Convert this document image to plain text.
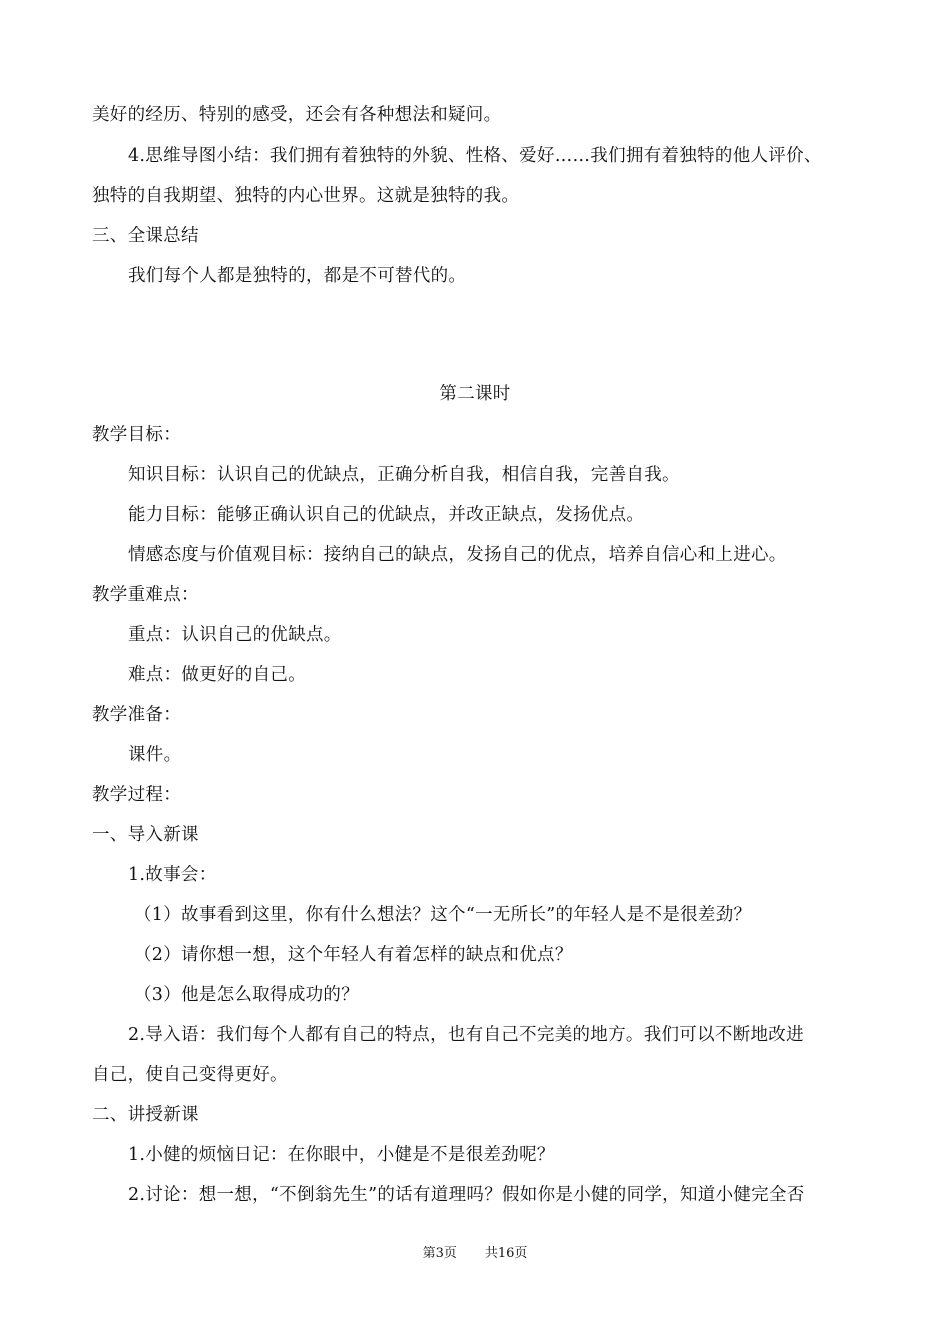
美好的经历、特别的感受，还会有各种想法和疑问。
4.思维导图小结：我们拥有着独特的外貌、性格、爱好……我们拥有着独特的他人评价、
独特的自我期望、独特的内心世界。这就是独特的我。
三、全课总结
我们每个人都是独特的，都是不可替代的。
第二课时
教学目标：
知识目标：认识自己的优缺点，正确分析自我，相信自我，完善自我。
能力目标：能够正确认识自己的优缺点，并改正缺点，发扬优点。
情感态度与价值观目标：接纳自己的缺点，发扬自己的优点，培养自信心和上进心。
教学重难点：
重点：认识自己的优缺点。
难点：做更好的自己。
教学准备：
课件。
教学过程：
一、导入新课
1.故事会：
（1）故事看到这里，你有什么想法？这个“一无所长”的年轻人是不是很差劲？
（2）请你想一想，这个年轻人有着怎样的缺点和优点？
（3）他是怎么取得成功的？
2.导入语：我们每个人都有自己的特点，也有自己不完美的地方。我们可以不断地改进
自己，使自己变得更好。
二、讲授新课
1.小健的烦恼日记：在你眼中，小健是不是很差劲呢？
2.讨论：想一想，“不倒翁先生”的话有道理吗？假如你是小健的同学，知道小健完全否
第3页 共16页
